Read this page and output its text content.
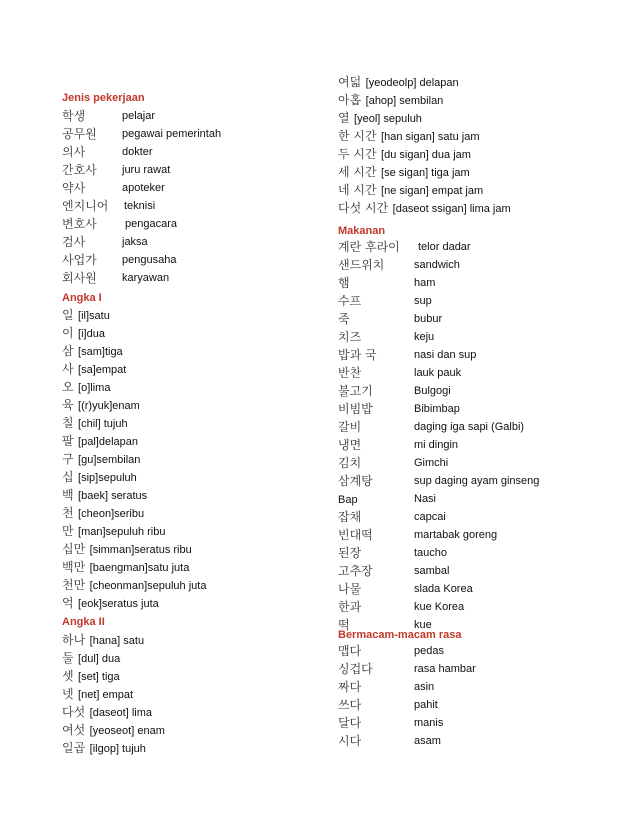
Jenis pekerjaan
학생	pelajar
공무원 pegawai pemerintah
의사	dokter
간호사 juru rawat
약사	apoteker
엔지니어 teknisi
변호사	pengacara
검사	jaksa
사업가 pengusaha
회사원 karyawan
Angka I
일 [il]satu
이 [i]dua
삼 [sam]tiga
사 [sa]empat
오 [o]lima
육 [(r)yuk]enam
칠 [chil] tujuh
팔 [pal]delapan
구 [gu]sembilan
십 [sip]sepuluh
백 [baek] seratus
천 [cheon]seribu
만 [man]sepuluh ribu
십만 [simman]seratus ribu
백만 [baengman]satu juta
천만 [cheonman]sepuluh juta
억 [eok]seratus juta
Angka II
하나 [hana] satu
둘 [dul] dua
셋 [set] tiga
넷 [net] empat
다섯 [daseot] lima
여섯 [yeoseot] enam
일곱 [ilgop] tujuh
여덟 [yeodeolp] delapan
아홉 [ahop] sembilan
열 [yeol] sepuluh
한 시간 [han sigan] satu jam
두 시간 [du sigan] dua jam
세 시간 [se sigan] tiga jam
네 시간 [ne sigan] empat jam
다섯 시간 [daseot ssigan] lima jam
Makanan
계란 후라이 telor dadar
샌드위치	sandwich
햄	ham
수프	sup
죽	bubur
치즈	keju
밥과 국	nasi dan sup
반찬	lauk pauk
불고기	Bulgogi
비빔밥	Bibimbap
갈비	daging iga sapi (Galbi)
냉면	mi dingin
김치	Gimchi
삼계탕	sup daging ayam ginseng
Bap	Nasi
잡채	capcai
빈대떡	martabak goreng
된장	taucho
고추장	sambal
나물	slada Korea
한과	kue Korea
떡	kue
Bermacam-macam rasa
맵다	pedas
싱겁다	rasa hambar
짜다	asin
쓰다	pahit
달다	manis
시다	asam
